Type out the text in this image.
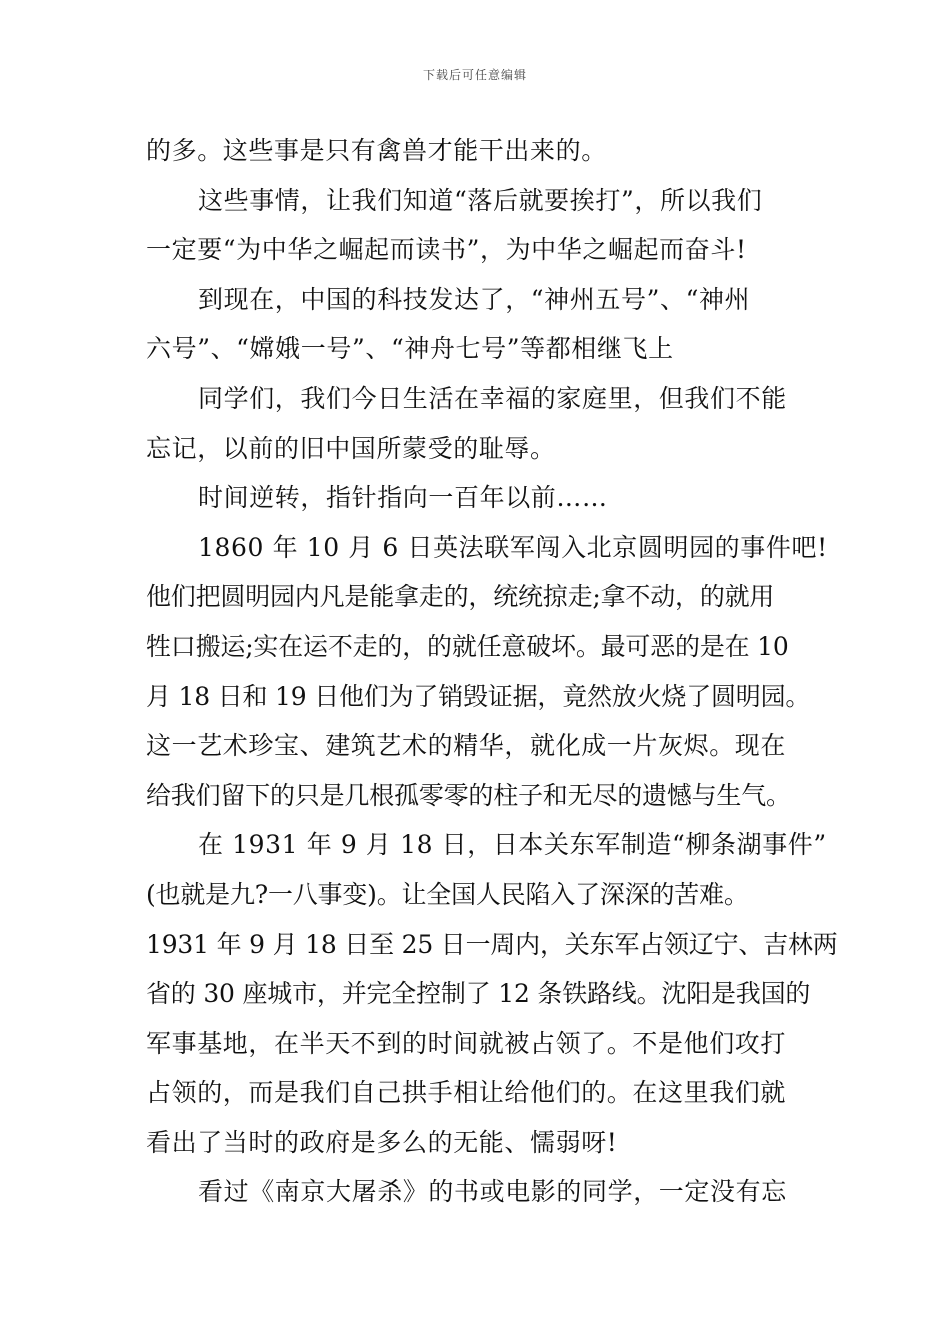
下载后可任意编辑
的多。这些事是只有禽兽才能干出来的。
这些事情，让我们知道“落后就要挨打”，所以我们
一定要“为中华之崛起而读书”，为中华之崛起而奋斗!
到现在，中国的科技发达了，“神州五号”、“神州
六号”、“嫦娥一号”、“神舟七号”等都相继飞上
同学们，我们今日生活在幸福的家庭里，但我们不能
忘记，以前的旧中国所蒙受的耻辱。
时间逆转，指针指向一百年以前……
1860 年 10 月 6 日英法联军闯入北京圆明园的事件吧!
他们把圆明园内凡是能拿走的，统统掠走;拿不动，的就用
牲口搬运;实在运不走的，的就任意破坏。最可恶的是在 10
月 18 日和 19 日他们为了销毁证据，竟然放火烧了圆明园。
这一艺术珍宝、建筑艺术的精华，就化成一片灰烬。现在
给我们留下的只是几根孤零零的柱子和无尽的遗憾与生气。
在 1931 年 9 月 18 日，日本关东军制造“柳条湖事件”
(也就是九?一八事变)。让全国人民陷入了深深的苦难。
1931 年 9 月 18 日至 25 日一周内，关东军占领辽宁、吉林两
省的 30 座城市，并完全控制了 12 条铁路线。沈阳是我国的
军事基地，在半天不到的时间就被占领了。不是他们攻打
占领的，而是我们自己拱手相让给他们的。在这里我们就
看出了当时的政府是多么的无能、懦弱呀!
看过《南京大屠杀》的书或电影的同学，一定没有忘
